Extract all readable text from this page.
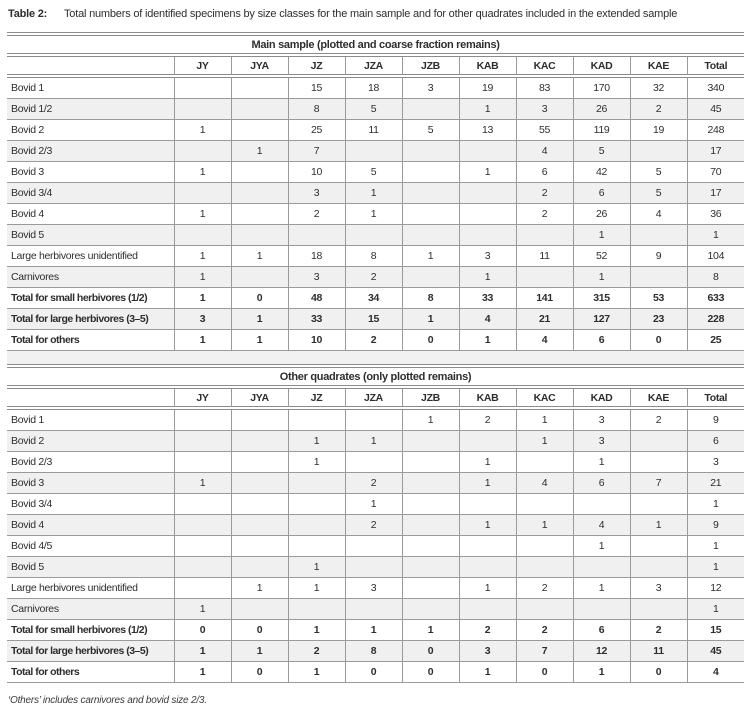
Table 2:	Total numbers of identified specimens by size classes for the main sample and for other quadrates included in the extended sample
Main sample (plotted and coarse fraction remains)										

	JY	JYA	JZ	JZA	JZB	KAB	KAC	KAD	KAE	Total

Bovid 1			15	18	3	19	83	170	32	340
Bovid 1/2			8	5		1	3	26	2	45
Bovid 2	1		25	11	5	13	55	119	19	248
Bovid 2/3		1	7				4	5		17
Bovid 3	1		10	5		1	6	42	5	70
Bovid 3/4			3	1			2	6	5	17
Bovid 4	1		2	1			2	26	4	36
Bovid 5								1		1
Large herbivores unidentified	1	1	18	8	1	3	11	52	9	104
Carnivores	1		3	2		1		1		8
Total for small herbivores (1/2)	1	0	48	34	8	33	141	315	53	633
Total for large herbivores (3–5)	3	1	33	15	1	4	21	127	23	228
Total for others	1	1	10	2	0	1	4	6	0	25
Other quadrates (only plotted remains)										

	JY	JYA	JZ	JZA	JZB	KAB	KAC	KAD	KAE	Total

Bovid 1					1	2	1	3	2	9
Bovid 2			1	1			1	3		6
Bovid 2/3			1			1		1		3
Bovid 3	1			2		1	4	6	7	21
Bovid 3/4				1						1
Bovid 4				2		1	1	4	1	9
Bovid 4/5								1		1
Bovid 5			1							1
Large herbivores unidentified		1	1	3		1	2	1	3	12
Carnivores	1									1
Total for small herbivores (1/2)	0	0	1	1	1	2	2	6	2	15
Total for large herbivores (3–5)	1	1	2	8	0	3	7	12	11	45
Total for others	1	0	1	0	0	1	0	1	0	4
‘Others’ includes carnivores and bovid size 2/3.
